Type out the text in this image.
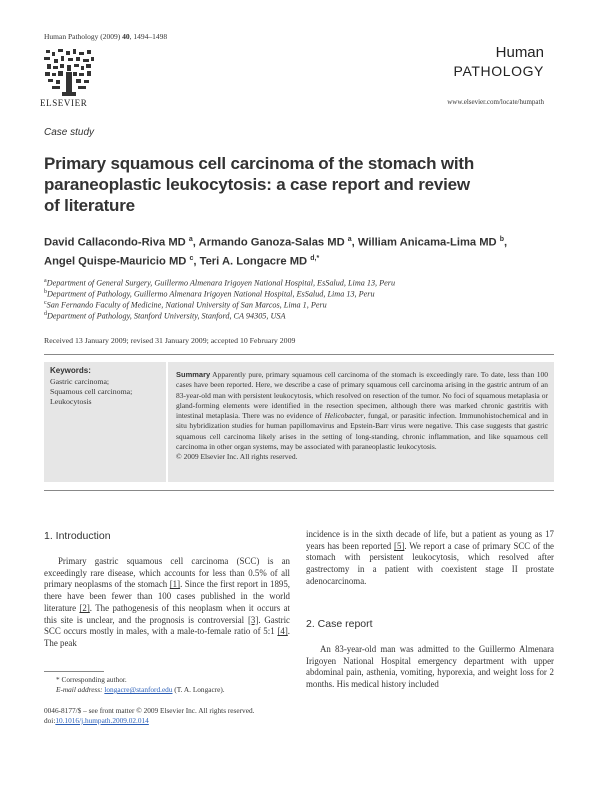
Human Pathology (2009) 40, 1494–1498
ELSEVIER
Human
PATHOLOGY
www.elsevier.com/locate/humpath
Case study
Primary squamous cell carcinoma of the stomach with
paraneoplastic leukocytosis: a case report and review
of literature
David Callacondo-Riva MD $^a$, Armando Ganoza-Salas MD $^a$, William Anicama-Lima MD $^b$,
Angel Quispe-Mauricio MD $^c$, Teri A. Longacre MD $^{d,*}$
$^a$Department of General Surgery, Guillermo Almenara Irigoyen National Hospital, EsSalud, Lima 13, Peru
$^b$Department of Pathology, Guillermo Almenara Irigoyen National Hospital, EsSalud, Lima 13, Peru
$^c$San Fernando Faculty of Medicine, National University of San Marcos, Lima 1, Peru
$^d$Department of Pathology, Stanford University, Stanford, CA 94305, USA
Received 13 January 2009; revised 31 January 2009; accepted 10 February 2009
Keywords:
Gastric carcinoma;
Squamous cell carcinoma;
Leukocytosis
Summary Apparently pure, primary squamous cell carcinoma of the stomach is exceedingly rare. To date, less than 100 cases have been reported. Here, we describe a case of primary squamous cell carcinoma arising in the gastric antrum of an 83-year-old man with persistent leukocytosis, which resolved on resection of the tumor. No foci of squamous metaplasia or gland-forming elements were identified in the resection specimen, although there was marked chronic gastritis with intestinal metaplasia. There was no evidence of Helicobacter, fungal, or parasitic infection. Immunohistochemical and in situ hybridization studies for human papillomavirus and Epstein-Barr virus were negative. This case suggests that gastric squamous cell carcinoma likely arises in the setting of long-standing, chronic inflammation, and like squamous cell carcinoma in other organ systems, may be associated with paraneoplastic leukocytosis.
© 2009 Elsevier Inc. All rights reserved.
1. Introduction
Primary gastric squamous cell carcinoma (SCC) is an exceedingly rare disease, which accounts for less than 0.5% of all primary neoplasms of the stomach [1]. Since the first report in 1895, there have been fewer than 100 cases published in the world literature [2]. The pathogenesis of this neoplasm when it occurs at this site is unclear, and the prognosis is controversial [3]. Gastric SCC occurs mostly in males, with a male-to-female ratio of 5:1 [4]. The peak
* Corresponding author.
E-mail address: longacre@stanford.edu (T. A. Longacre).
0046-8177/$ – see front matter © 2009 Elsevier Inc. All rights reserved.
doi:10.1016/j.humpath.2009.02.014
incidence is in the sixth decade of life, but a patient as young as 17 years has been reported [5]. We report a case of primary SCC of the stomach with persistent leukocytosis, which resolved after gastrectomy in a patient with coexistent stage II prostate adenocarcinoma.
2. Case report
An 83-year-old man was admitted to the Guillermo Almenara Irigoyen National Hospital emergency department with upper abdominal pain, asthenia, vomiting, hyporexia, and weight loss for 2 months. His medical history included
